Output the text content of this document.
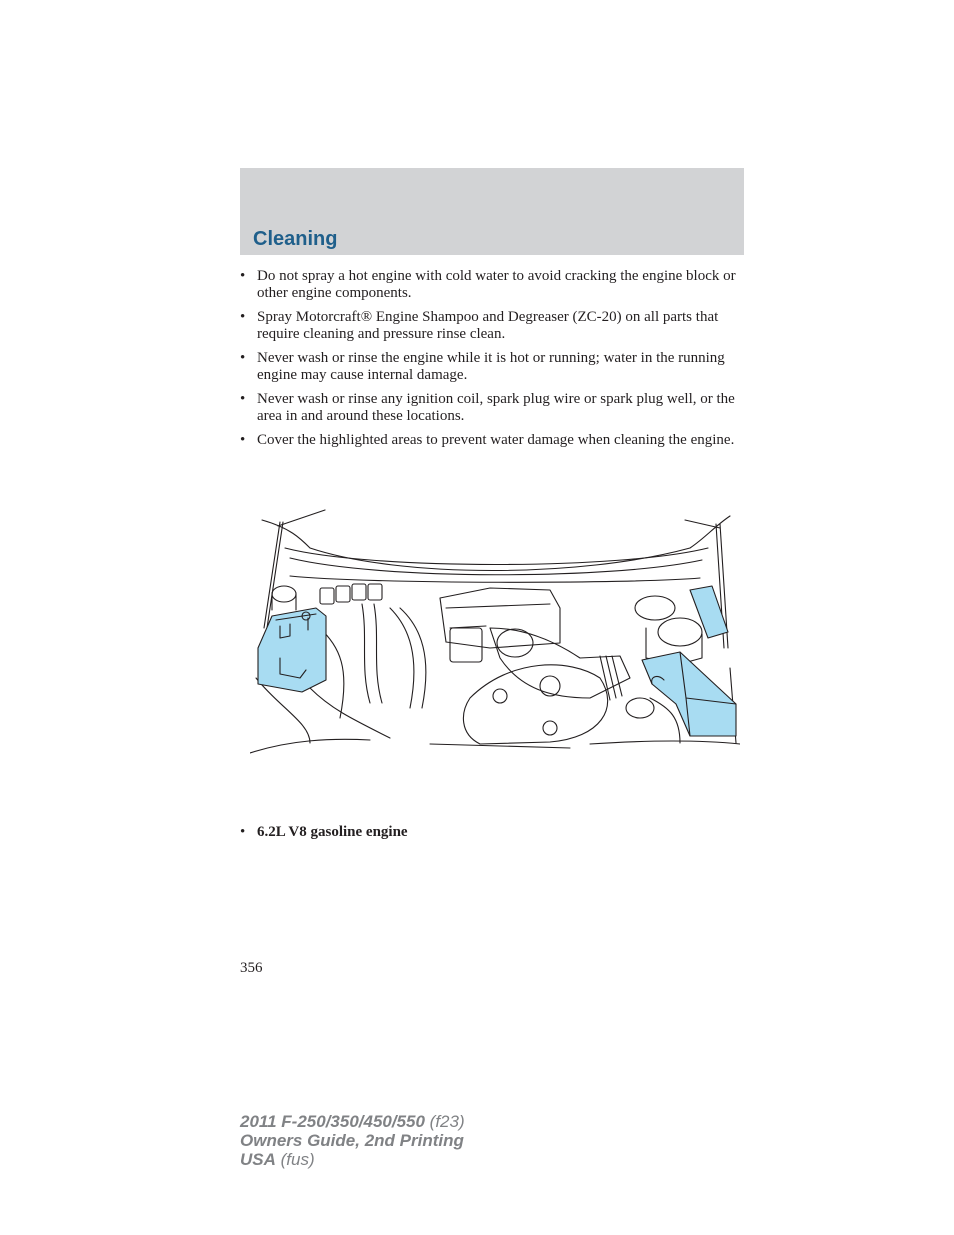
Cleaning
• Do not spray a hot engine with cold water to avoid cracking the engine block or other engine components.
• Spray Motorcraft® Engine Shampoo and Degreaser (ZC-20) on all parts that require cleaning and pressure rinse clean.
• Never wash or rinse the engine while it is hot or running; water in the running engine may cause internal damage.
• Never wash or rinse any ignition coil, spark plug wire or spark plug well, or the area in and around these locations.
• Cover the highlighted areas to prevent water damage when cleaning the engine.
• 6.2L V8 gasoline engine
356
2011 F-250/350/450/550 (f23)
Owners Guide, 2nd Printing
USA (fus)
